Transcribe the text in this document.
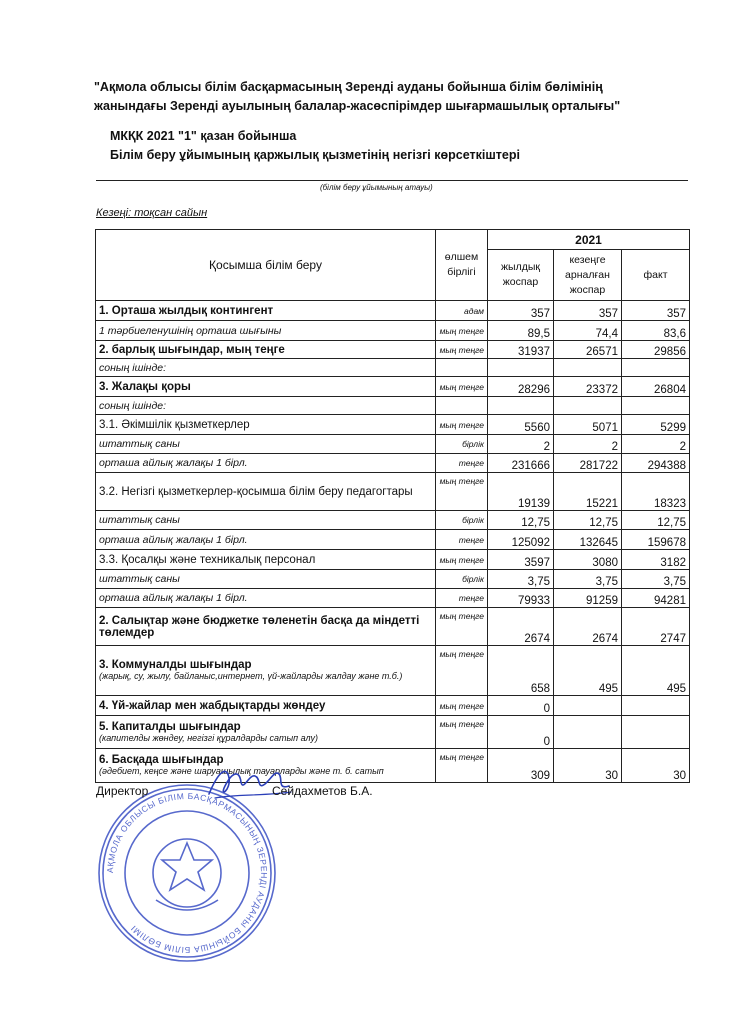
"Ақмола облысы білім басқармасының Зеренді ауданы бойынша білім бөлімінің
жанындағы Зеренді ауылының балалар-жасөспірімдер шығармашылық орталығы"
МКҚК 2021 "1" қазан бойынша
Білім беру ұйымының қаржылық қызметінің негізгі көрсеткіштері
(білім беру ұйымының атауы)
Кезеңі: тоқсан сайын
Қосымша білім беру	өлшем бірлігі	2021		
		жылдық жоспар	кезеңге арналған жоспар	факт
1. Орташа жылдық контингент	адам	357	357	357
1 тәрбиеленушінің орташа шығыны	мың теңге	89,5	74,4	83,6
2. барлық шығындар, мың теңге	мың теңге	31937	26571	29856
соның ішінде:				
3. Жалақы қоры	мың теңге	28296	23372	26804
соның ішінде:				
3.1. Әкімшілік қызметкерлер	мың теңге	5560	5071	5299
штаттық саны	бірлік	2	2	2
орташа айлық жалақы 1 бірл.	теңге	231666	281722	294388
3.2. Негізгі қызметкерлер-қосымша білім беру педагогтары	мың теңге	19139	15221	18323
штаттық саны	бірлік	12,75	12,75	12,75
орташа айлық жалақы 1 бірл.	теңге	125092	132645	159678
3.3. Қосалқы және техникалық персонал	мың теңге	3597	3080	3182
штаттық саны	бірлік	3,75	3,75	3,75
орташа айлық жалақы 1 бірл.	теңге	79933	91259	94281
2. Салықтар және бюджетке төленетін басқа да міндетті төлемдер	мың теңге	2674	2674	2747
3. Коммуналды шығындар
(жарық, су, жылу, байланыс,интернет, үй-жайларды жалдау және т.б.)	мың теңге	658	495	495
4. Үй-жайлар мен жабдықтарды жөндеу	мың теңге	0		
5. Капиталды шығындар
(капителды жөндеу, негізгі құралдарды сатып алу)	мың теңге	0		
6. Басқада шығындар
(әдебиет, кеңсе және шаруашылық тауарларды және т. б. сатып	мың теңге	309	30	30
АҚМОЛА ОБЛЫСЫ БІЛІМ БАСҚАРМАСЫНЫҢ ЗЕРЕНДІ АУДАНЫ БОЙЫНША БІЛІМ БӨЛІМІ
Директор	Сейдахметов Б.А.
